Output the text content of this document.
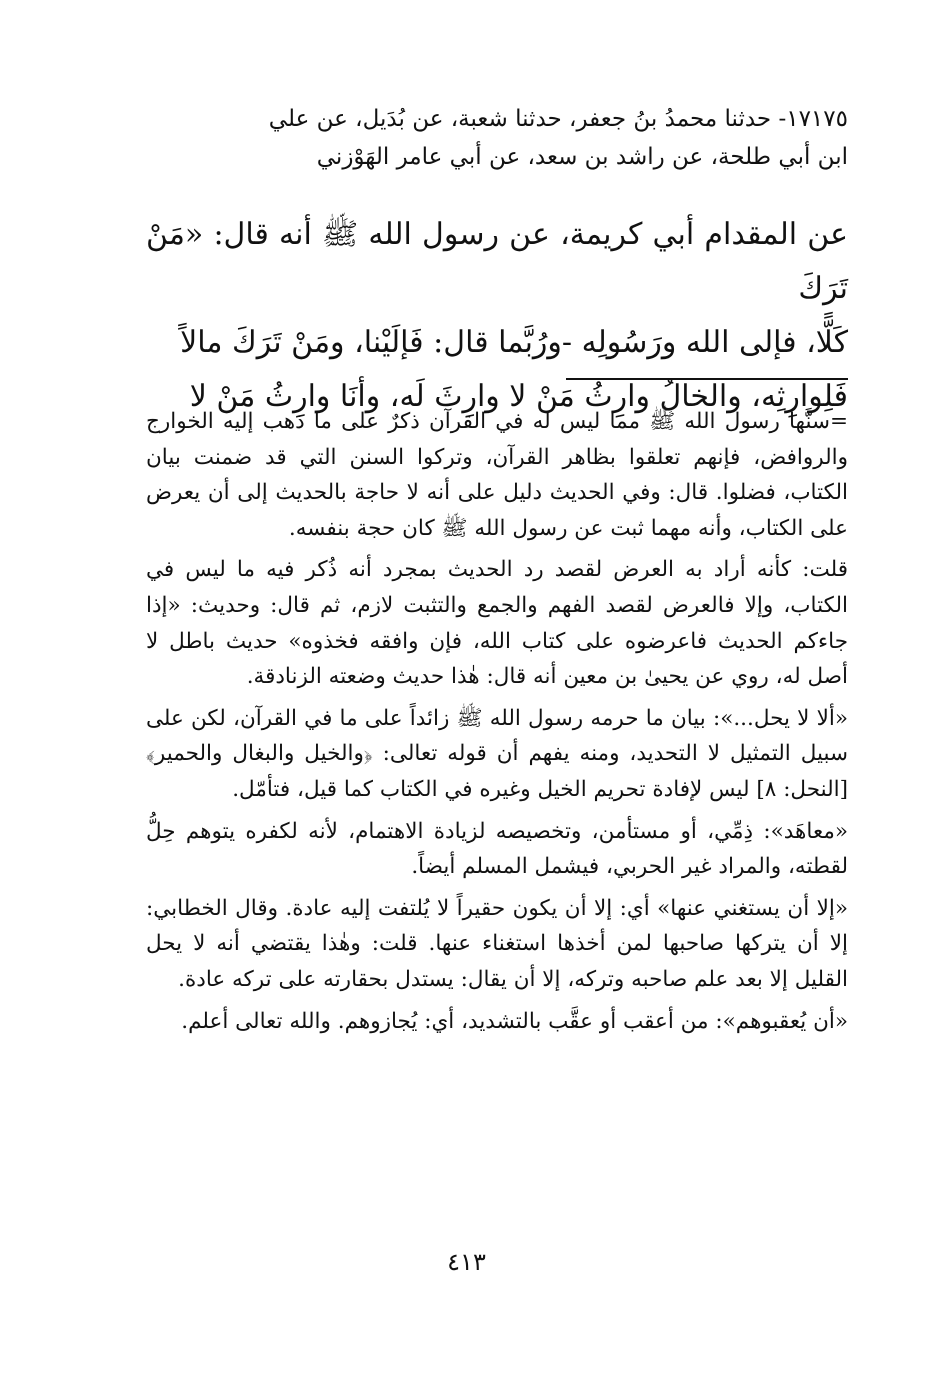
١٧١٧٥- حدثنا محمدُ بنُ جعفر، حدثنا شعبة، عن بُدَيل، عن علي

ابن أبي طلحة، عن راشد بن سعد، عن أبي عامر الهَوْزني

عن المقدام أبي كريمة، عن رسول الله ﷺ أنه قال: «مَنْ تَرَكَ

كَلًّا، فإلى الله ورَسُولِه -ورُبَّما قال: فَإلَيْنا، ومَنْ تَرَكَ مالاً

فَلِوارِثِه، والخالُ وارِثُ مَنْ لا وارِثَ لَه، وأنَا وارِثُ مَنْ لا

=سنَّها رسول الله ﷺ مما ليس له في القرآن ذكرٌ على ما ذهب إليه الخوارج والروافض، فإنهم تعلقوا بظاهر القرآن، وتركوا السنن التي قد ضمنت بيان الكتاب، فضلوا. قال: وفي الحديث دليل على أنه لا حاجة بالحديث إلى أن يعرض على الكتاب، وأنه مهما ثبت عن رسول الله ﷺ كان حجة بنفسه.

قلت: كأنه أراد به العرض لقصد رد الحديث بمجرد أنه ذُكر فيه ما ليس في الكتاب، وإلا فالعرض لقصد الفهم والجمع والتثبت لازم، ثم قال: وحديث: «إذا جاءكم الحديث فاعرضوه على كتاب الله، فإن وافقه فخذوه» حديث باطل لا أصل له، روي عن يحيىٰ بن معين أنه قال: هٰذا حديث وضعته الزنادقة.

«ألا لا يحل...»: بيان ما حرمه رسول الله ﷺ زائداً على ما في القرآن، لكن على سبيل التمثيل لا التحديد، ومنه يفهم أن قوله تعالى: ﴿والخيل والبغال والحمير﴾ [النحل: ٨] ليس لإفادة تحريم الخيل وغيره في الكتاب كما قيل، فتأمّل.

«معاهَد»: ذِمِّي، أو مستأمن، وتخصيصه لزيادة الاهتمام، لأنه لكفره يتوهم حِلُّ لقطته، والمراد غير الحربي، فيشمل المسلم أيضاً.

«إلا أن يستغني عنها» أي: إلا أن يكون حقيراً لا يُلتفت إليه عادة. وقال الخطابي: إلا أن يتركها صاحبها لمن أخذها استغناء عنها. قلت: وهٰذا يقتضي أنه لا يحل القليل إلا بعد علم صاحبه وتركه، إلا أن يقال: يستدل بحقارته على تركه عادة.

«أن يُعقبوهم»: من أعقب أو عقَّب بالتشديد، أي: يُجازوهم. والله تعالى أعلم.

٤١٣
